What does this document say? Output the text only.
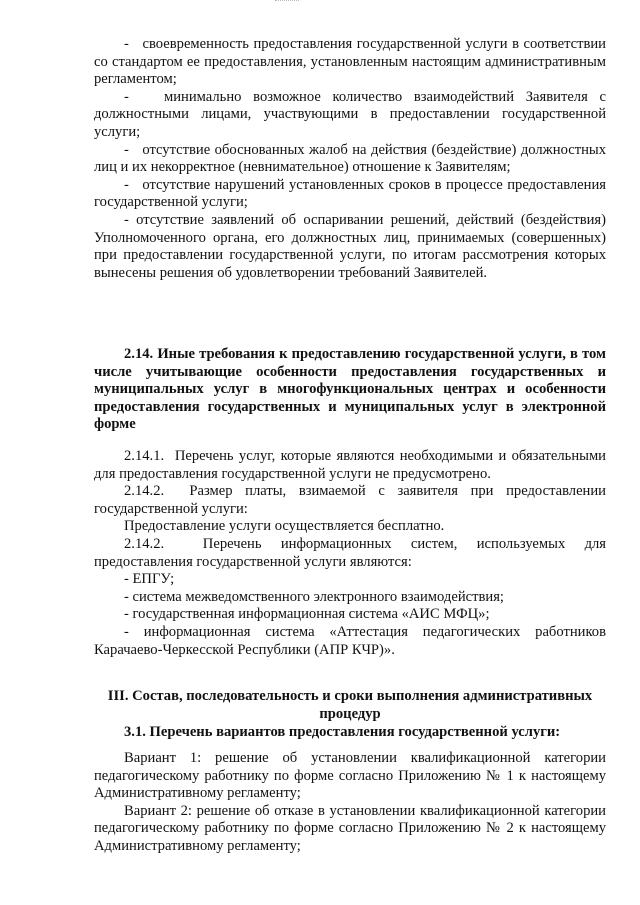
-   своевременность предоставления государственной услуги в соответствии со стандартом ее предоставления, установленным настоящим административным регламентом;

-   минимально возможное количество взаимодействий Заявителя с должностными лицами, участвующими в предоставлении государственной услуги;

-   отсутствие обоснованных жалоб на действия (бездействие) должностных лиц и их некорректное (невнимательное) отношение к Заявителям;

-   отсутствие нарушений установленных сроков в процессе предоставления государственной услуги;

- отсутствие заявлений об оспаривании решений, действий (бездействия) Уполномоченного органа, его должностных лиц, принимаемых (совершенных) при предоставлении государственной услуги, по итогам рассмотрения которых вынесены решения об удовлетворении требований Заявителей.

2.14. Иные требования к предоставлению государственной услуги, в том числе учитывающие особенности предоставления государственных и муниципальных услуг в многофункциональных центрах и особенности предоставления государственных и муниципальных услуг в электронной форме

2.14.1.  Перечень услуг, которые являются необходимыми и обязательными для предоставления государственной услуги не предусмотрено.

2.14.2.  Размер платы, взимаемой с заявителя при предоставлении государственной услуги:

Предоставление услуги осуществляется бесплатно.

2.14.2.  Перечень информационных систем, используемых для предоставления государственной услуги являются:

- ЕПГУ;

- система межведомственного электронного взаимодействия;

- государственная информационная система «АИС МФЦ»;

- информационная система «Аттестация педагогических работников Карачаево-Черкесской Республики (АПР КЧР)».

III. Состав, последовательность и сроки выполнения административных процедур

3.1. Перечень вариантов предоставления государственной услуги:

Вариант 1: решение об установлении квалификационной категории педагогическому работнику по форме согласно Приложению № 1 к настоящему Административному регламенту;

Вариант 2: решение об отказе в установлении квалификационной категории педагогическому работнику по форме согласно Приложению № 2 к настоящему Административному регламенту;
